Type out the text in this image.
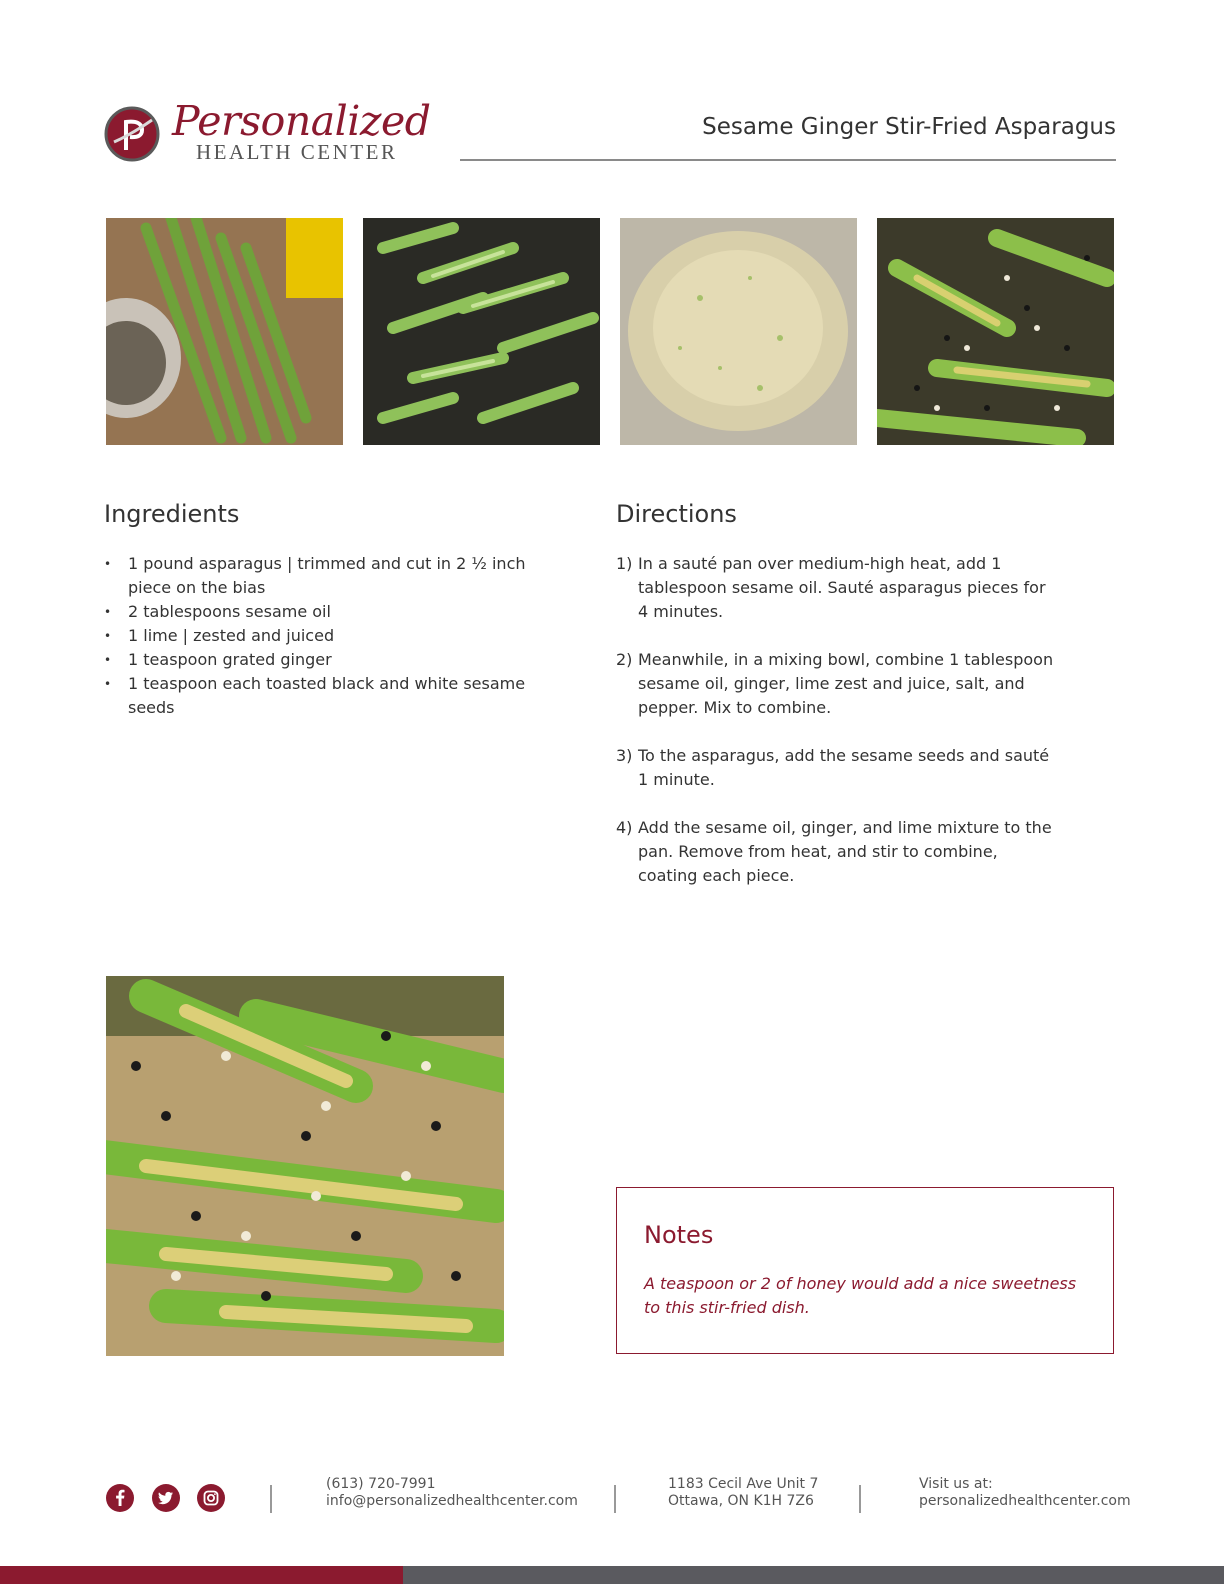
Personalized
HEALTH CENTER
Sesame Ginger Stir-Fried Asparagus
Ingredients
• 1 pound asparagus | trimmed and cut in 2 ½ inch piece on the bias
• 2 tablespoons sesame oil
• 1 lime | zested and juiced
• 1 teaspoon grated ginger
• 1 teaspoon each toasted black and white sesame seeds
Directions
1) In a sauté pan over medium-high heat, add 1 tablespoon sesame oil. Sauté asparagus pieces for 4 minutes.
2) Meanwhile, in a mixing bowl, combine 1 tablespoon sesame oil, ginger, lime zest and juice, salt, and pepper. Mix to combine.
3) To the asparagus, add the sesame seeds and sauté 1 minute.
4) Add the sesame oil, ginger, and lime mixture to the pan. Remove from heat, and stir to combine, coating each piece.
Notes
A teaspoon or 2 of honey would add a nice sweetness to this stir-fried dish.
(613) 720-7991
info@personalizedhealthcenter.com
1183 Cecil Ave Unit 7
Ottawa, ON K1H 7Z6
Visit us at:
personalizedhealthcenter.com
